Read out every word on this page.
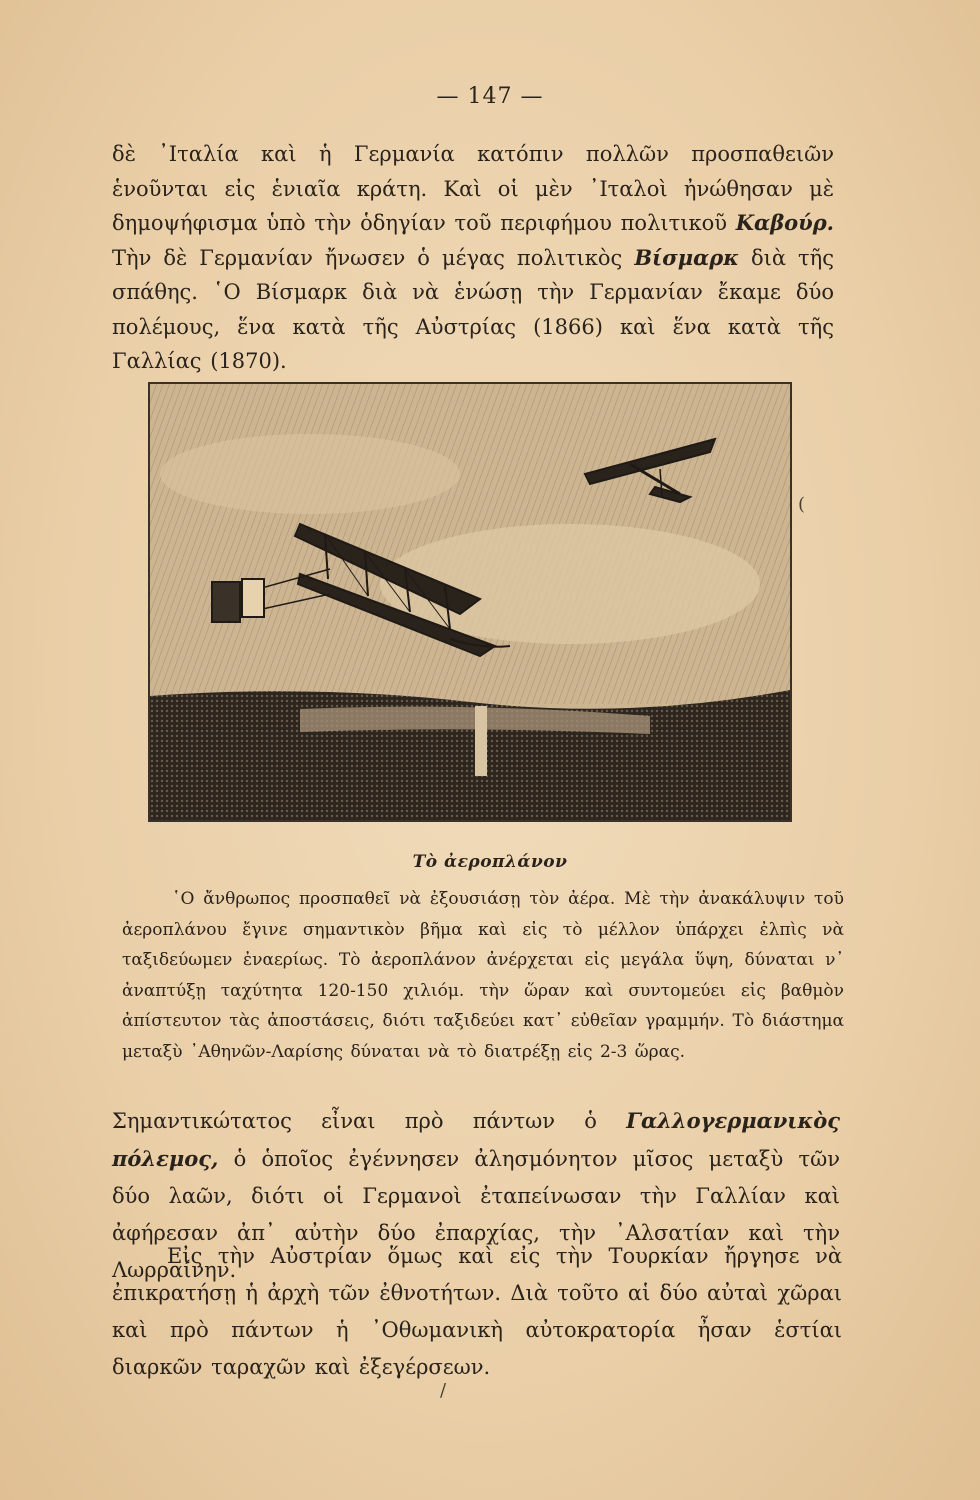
— 147 —

δὲ ᾿Ιταλία καὶ ἡ Γερμανία κατόπιν πολλῶν προσπαθειῶν ἑνοῦνται εἰς ἑνιαῖα κράτη. Καὶ οἱ μὲν ᾿Ιταλοὶ ἠνώθησαν μὲ δημοψήφισμα ὑπὸ τὴν ὁδηγίαν τοῦ περιφήμου πολιτικοῦ Καβούρ. Τὴν δὲ Γερμανίαν ἤνωσεν ὁ μέγας πολιτικὸς Βίσμαρκ διὰ τῆς σπάθης. ῾Ο Βίσμαρκ διὰ νὰ ἑνώσῃ τὴν Γερμανίαν ἔκαμε δύο πολέμους, ἕνα κατὰ τῆς Αὐστρίας (1866) καὶ ἕνα κατὰ τῆς Γαλλίας (1870).

Τὸ ἀεροπλάνον

῾Ο ἄνθρωπος προσπαθεῖ νὰ ἐξουσιάσῃ τὸν ἀέρα. Μὲ τὴν ἀνακάλυψιν τοῦ ἀεροπλάνου ἔγινε σημαντικὸν βῆμα καὶ εἰς τὸ μέλλον ὑπάρχει ἐλπὶς νὰ ταξιδεύωμεν ἐναερίως. Τὸ ἀεροπλάνον ἀνέρχεται εἰς μεγάλα ὕψη, δύναται ν᾿ ἀναπτύξῃ ταχύτητα 120-150 χιλιόμ. τὴν ὥραν καὶ συντομεύει εἰς βαθμὸν ἀπίστευτον τὰς ἀποστάσεις, διότι ταξιδεύει κατ᾿ εὐθεῖαν γραμμήν. Τὸ διάστημα μεταξὺ ᾿Αθηνῶν-Λαρίσης δύναται νὰ τὸ διατρέξῃ εἰς 2-3 ὥρας.

Σημαντικώτατος εἶναι πρὸ πάντων ὁ Γαλλογερμανικὸς πόλεμος, ὁ ὁποῖος ἐγέννησεν ἀλησμόνητον μῖσος μεταξὺ τῶν δύο λαῶν, διότι οἱ Γερμανοὶ ἐταπείνωσαν τὴν Γαλλίαν καὶ ἀφήρεσαν ἀπ᾿ αὐτὴν δύο ἐπαρχίας, τὴν ᾿Αλσατίαν καὶ τὴν Λωρραίνην.

Εἰς τὴν Αὐστρίαν ὅμως καὶ εἰς τὴν Τουρκίαν ἤργησε νὰ ἐπικρατήσῃ ἡ ἀρχὴ τῶν ἐθνοτήτων. Διὰ τοῦτο αἱ δύο αὐταὶ χῶραι καὶ πρὸ πάντων ἡ ᾿Οθωμανικὴ αὐτοκρατορία ἦσαν ἑστίαι διαρκῶν ταραχῶν καὶ ἐξεγέρσεων.

(
/
